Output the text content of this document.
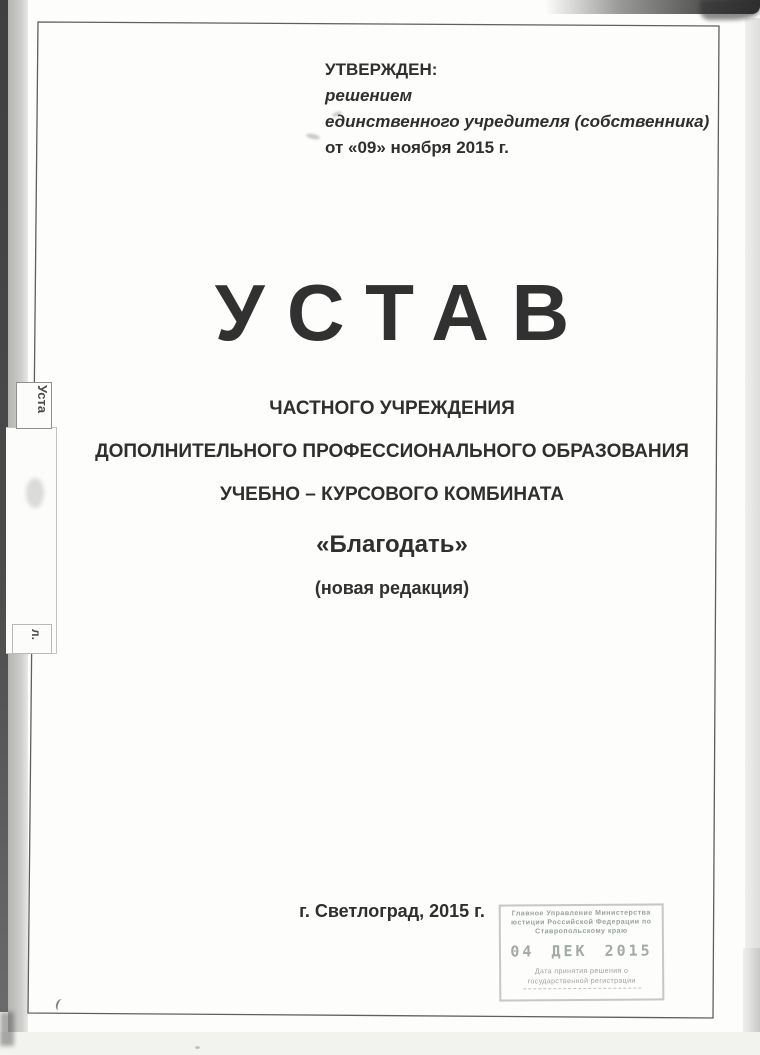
УТВЕРЖДЕН:
решением
единственного учредителя (собственника)
от «09» ноября 2015 г.
УСТАВ
ЧАСТНОГО УЧРЕЖДЕНИЯ
ДОПОЛНИТЕЛЬНОГО ПРОФЕССИОНАЛЬНОГО ОБРАЗОВАНИЯ
УЧЕБНО – КУРСОВОГО КОМБИНАТА
«Благодать»
(новая редакция)
г. Светлоград, 2015 г.	Главное Управление Министерства
юстиции Российской Федерации по
Ставропольскому краю
04 ДЕК 2015
Дата принятия решения о
государственной регистрации
Уста
л.
